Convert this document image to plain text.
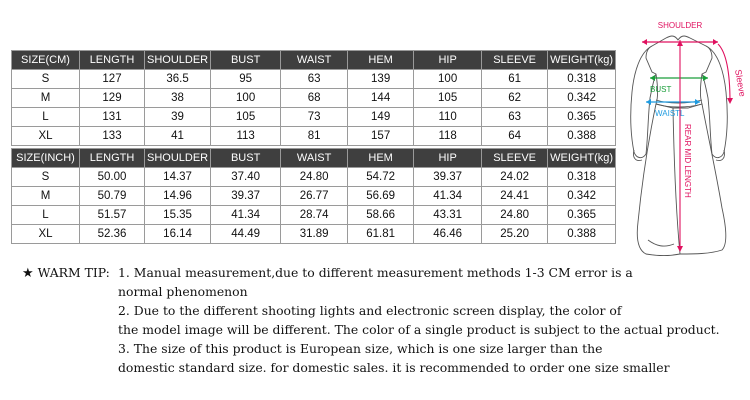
SIZE(CM)	LENGTH	SHOULDER	BUST	WAIST	HEM	HIP	SLEEVE	WEIGHT(kg)
S	127	36.5	95	63	139	100	61	0.318
M	129	38	100	68	144	105	62	0.342
L	131	39	105	73	149	110	63	0.365
XL	133	41	113	81	157	118	64	0.388
SIZE(INCH)	LENGTH	SHOULDER	BUST	WAIST	HEM	HIP	SLEEVE	WEIGHT(kg)
S	50.00	14.37	37.40	24.80	54.72	39.37	24.02	0.318
M	50.79	14.96	39.37	26.77	56.69	41.34	24.41	0.342
L	51.57	15.35	41.34	28.74	58.66	43.31	24.80	0.365
XL	52.36	16.14	44.49	31.89	61.81	46.46	25.20	0.388
SHOULDER
Sleeve
BUST
WAISTL
REAR MID LENGTH
★ WARM TIP: 1. Manual measurement,due to different measurement methods 1-3 CM error is a

normal phenomenon

2. Due to the different shooting lights and electronic screen display, the color of

the model image will be different. The color of a single product is subject to the actual product.

3. The size of this product is European size, which is one size larger than the

domestic standard size. for domestic sales. it is recommended to order one size smaller
